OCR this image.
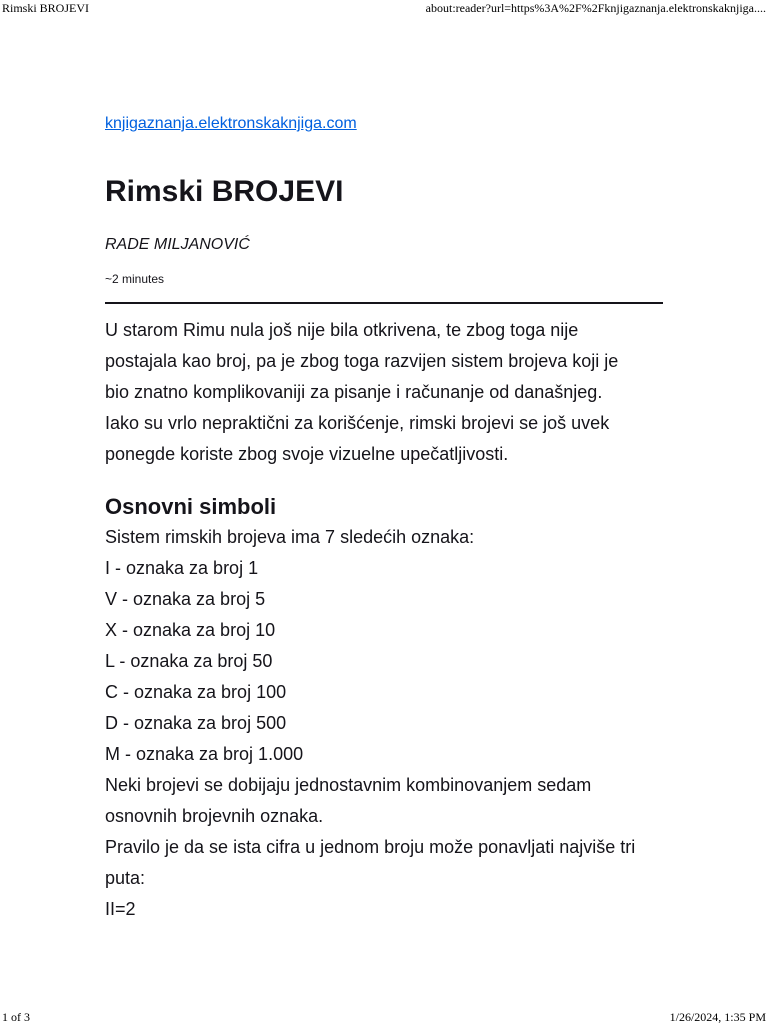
Rimski BROJEVI	about:reader?url=https%3A%2F%2Fknjigaznanja.elektronskaknjiga....
knjigaznanja.elektronskaknjiga.com
Rimski BROJEVI
RADE MILJANOVIĆ
~2 minutes

U starom Rimu nula još nije bila otkrivena, te zbog toga nije
postajala kao broj, pa je zbog toga razvijen sistem brojeva koji je
bio znatno komplikovaniji za pisanje i računanje od današnjeg.
Iako su vrlo nepraktični za korišćenje, rimski brojevi se još uvek
ponegde koriste zbog svoje vizuelne upečatljivosti.

Osnovni simboli

Sistem rimskih brojeva ima 7 sledećih oznaka:
I - oznaka za broj 1
V - oznaka za broj 5
X - oznaka za broj 10
L - oznaka za broj 50
C - oznaka za broj 100
D - oznaka za broj 500
M - oznaka za broj 1.000

Neki brojevi se dobijaju jednostavnim kombinovanjem sedam
osnovnih brojevnih oznaka.
Pravilo je da se ista cifra u jednom broju može ponavljati najviše tri
puta:
II=2

1 of 3	1/26/2024, 1:35 PM
